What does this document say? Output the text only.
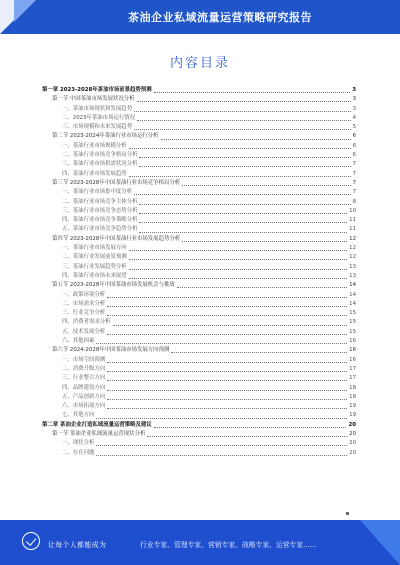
茶油企业私域流量运营策略研究报告
内容目录
第一章 2023-2028年茶油市场前景趋势预测	3
第一节 中国茶油市场发展状况分析	3
一、茶油市场现状和发展趋势	3
二、2023年茶油市场运行情况	4
三、市场规模和未来发展趋势	5
第二节 2023-2024年茶油行业市场运行分析	6
一、茶油行业市场规模分析	6
二、茶油行业市场竞争格局分析	6
三、茶油行业市场供需状况分析	7
四、茶油行业市场发展趋势	7
第三节 2023-2028年中国茶油行业市场竞争格局分析	7
一、茶油行业市场集中度分析	7
二、茶油行业市场竞争主体分析	8
三、茶油行业市场竞争态势分析	10
四、茶油行业市场竞争策略分析	11
五、茶油行业市场竞争趋势分析	11
第四节 2023-2028年中国茶油行业市场发展趋势分析	12
一、茶油行业市场发展方向	12
二、茶油行业发展前景预测	12
三、茶油行业发展趋势分析	13
四、茶油行业市场未来展望	13
第五节 2023-2028年中国茶油市场发展机会与挑战	14
一、政策环境分析	14
二、市场需求分析	14
三、行业竞争分析	15
四、消费者需求分析	15
五、技术发展分析	15
六、其他因素	16
第六节 2024-2028年中国茶油市场发展方向预测	16
一、市场空间预测	16
二、消费升级方向	17
三、行业整合方向	17
四、品牌建设方向	18
五、产品创新方向	18
六、市场拓展方向	19
七、其他方向	19
第二章 茶油企业打造私域流量运营策略及建议	20
第一节 茶油企业私域流量运营现状分析	20
一、现状分析	20
二、存在问题	20
让每个人都能成为	行业专家、管理专家、营销专家、战略专家、运营专家……
